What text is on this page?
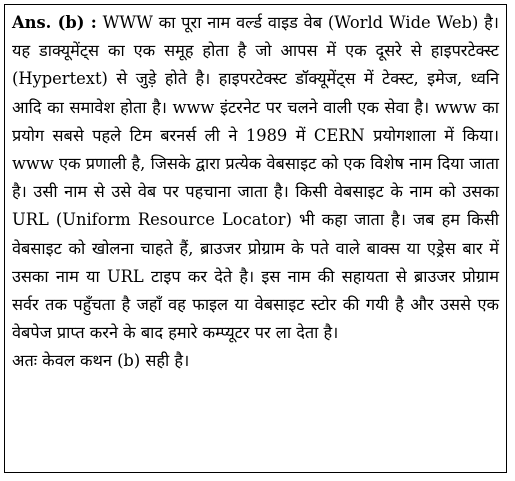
Ans. (b) : WWW का पूरा नाम वर्ल्ड वाइड वेब (World Wide Web) है। यह डाक्यूमेंट्स का एक समूह होता है जो आपस में एक दूसरे से हाइपरटेक्स्ट (Hypertext) से जुड़े होते है। हाइपरटेक्स्ट डॉक्यूमेंट्स में टेक्स्ट, इमेज, ध्वनि आदि का समावेश होता है। www इंटरनेट पर चलने वाली एक सेवा है। www का प्रयोग सबसे पहले टिम बरनर्स ली ने 1989 में CERN प्रयोगशाला में किया। www एक प्रणाली है, जिसके द्वारा प्रत्येक वेबसाइट को एक विशेष नाम दिया जाता है। उसी नाम से उसे वेब पर पहचाना जाता है। किसी वेबसाइट के नाम को उसका URL (Uniform Resource Locator) भी कहा जाता है। जब हम किसी वेबसाइट को खोलना चाहते हैं, ब्राउजर प्रोग्राम के पते वाले बाक्स या एड्रेस बार में उसका नाम या URL टाइप कर देते है। इस नाम की सहायता से ब्राउजर प्रोग्राम सर्वर तक पहुँचता है जहाँ वह फाइल या वेबसाइट स्टोर की गयी है और उससे एक वेबपेज प्राप्त करने के बाद हमारे कम्प्यूटर पर ला देता है।

अतः केवल कथन (b) सही है।
